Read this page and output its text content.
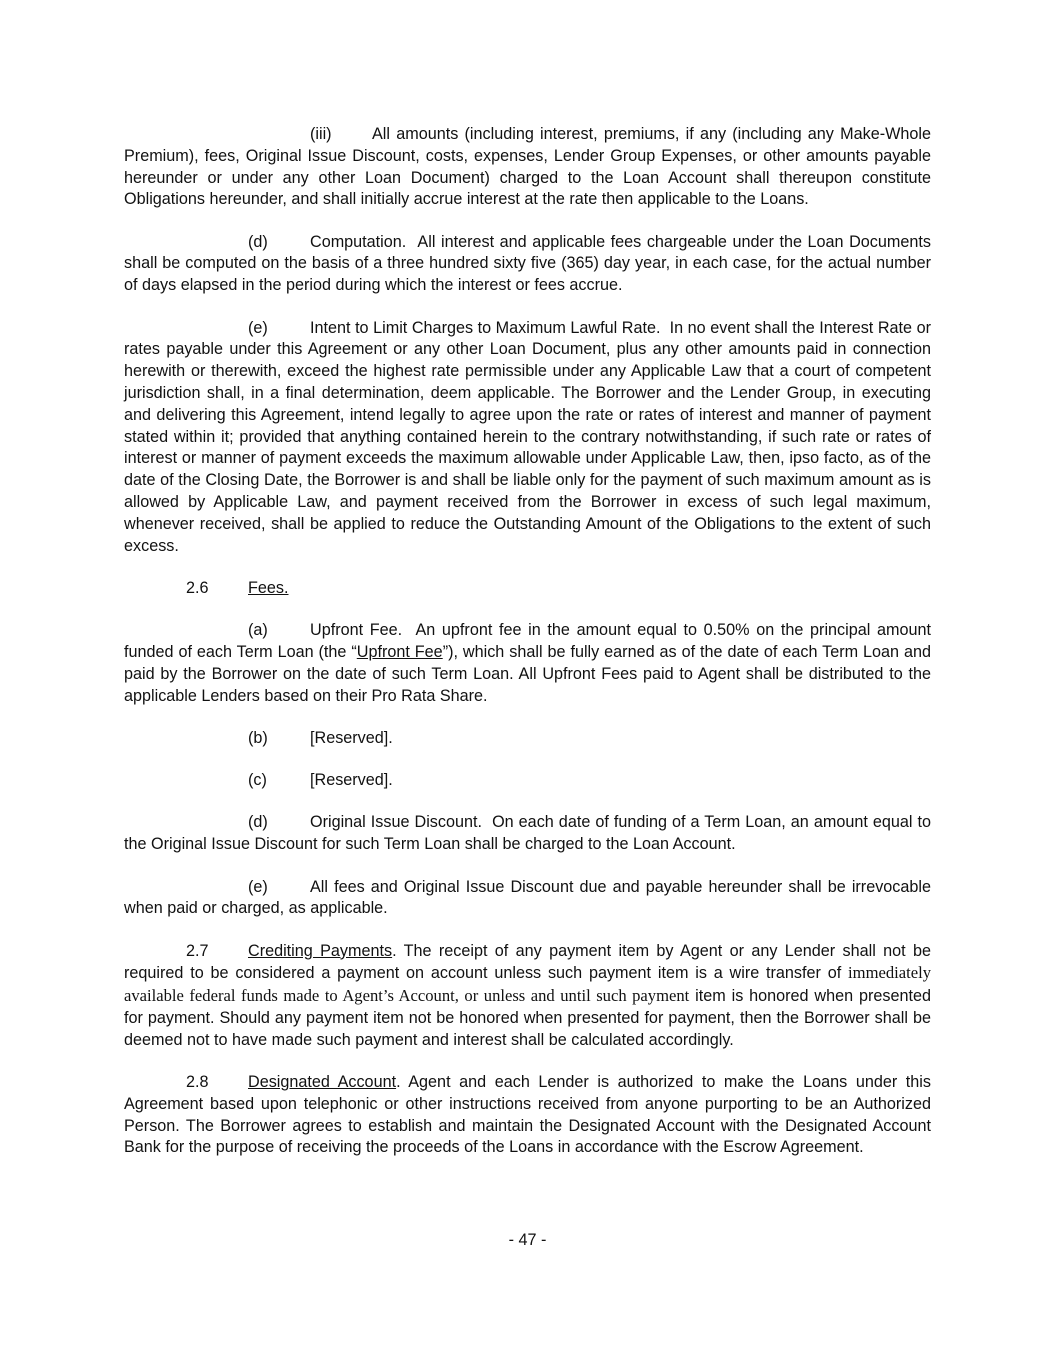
(iii) All amounts (including interest, premiums, if any (including any Make-Whole Premium), fees, Original Issue Discount, costs, expenses, Lender Group Expenses, or other amounts payable hereunder or under any other Loan Document) charged to the Loan Account shall thereupon constitute Obligations hereunder, and shall initially accrue interest at the rate then applicable to the Loans.

(d)	Computation. All interest and applicable fees chargeable under the Loan Documents shall be computed on the basis of a three hundred sixty five (365) day year, in each case, for the actual number of days elapsed in the period during which the interest or fees accrue.

(e)	Intent to Limit Charges to Maximum Lawful Rate. In no event shall the Interest Rate or rates payable under this Agreement or any other Loan Document, plus any other amounts paid in connection herewith or therewith, exceed the highest rate permissible under any Applicable Law that a court of competent jurisdiction shall, in a final determination, deem applicable. The Borrower and the Lender Group, in executing and delivering this Agreement, intend legally to agree upon the rate or rates of interest and manner of payment stated within it; provided that anything contained herein to the contrary notwithstanding, if such rate or rates of interest or manner of payment exceeds the maximum allowable under Applicable Law, then, ipso facto, as of the date of the Closing Date, the Borrower is and shall be liable only for the payment of such maximum amount as is allowed by Applicable Law, and payment received from the Borrower in excess of such legal maximum, whenever received, shall be applied to reduce the Outstanding Amount of the Obligations to the extent of such excess.

2.6 Fees.

(a)	Upfront Fee. An upfront fee in the amount equal to 0.50% on the principal amount funded of each Term Loan (the “Upfront Fee”), which shall be fully earned as of the date of each Term Loan and paid by the Borrower on the date of such Term Loan. All Upfront Fees paid to Agent shall be distributed to the applicable Lenders based on their Pro Rata Share.

(b)	[Reserved].

(c)	[Reserved].

(d)	Original Issue Discount. On each date of funding of a Term Loan, an amount equal to the Original Issue Discount for such Term Loan shall be charged to the Loan Account.

(e)	All fees and Original Issue Discount due and payable hereunder shall be irrevocable when paid or charged, as applicable.

2.7 Crediting Payments. The receipt of any payment item by Agent or any Lender shall not be required to be considered a payment on account unless such payment item is a wire transfer of immediately available federal funds made to Agent’s Account, or unless and until such payment item is honored when presented for payment. Should any payment item not be honored when presented for payment, then the Borrower shall be deemed not to have made such payment and interest shall be calculated accordingly.

2.8 Designated Account. Agent and each Lender is authorized to make the Loans under this Agreement based upon telephonic or other instructions received from anyone purporting to be an Authorized Person. The Borrower agrees to establish and maintain the Designated Account with the Designated Account Bank for the purpose of receiving the proceeds of the Loans in accordance with the Escrow Agreement.

- 47 -
